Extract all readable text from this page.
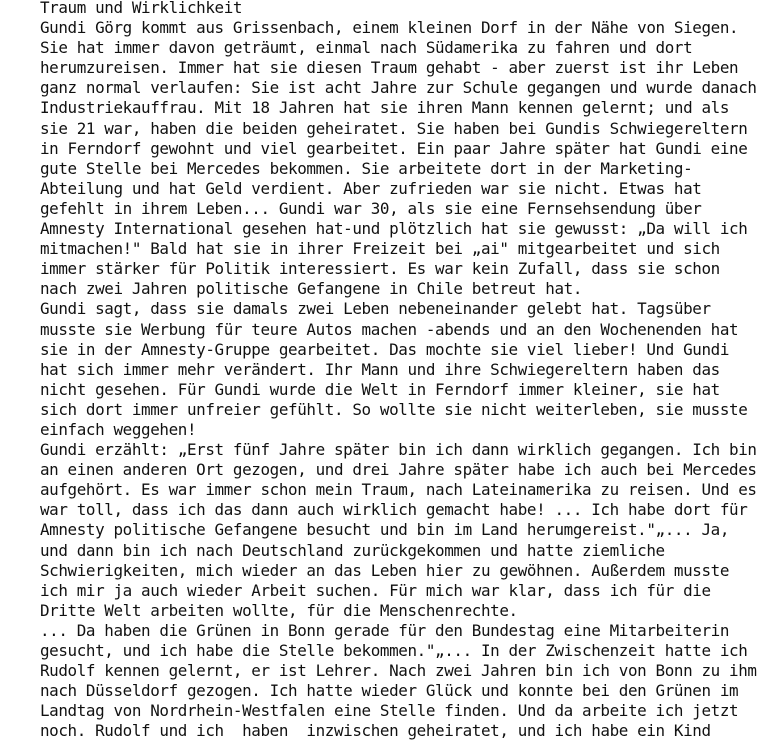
Traum und Wirklichkeit
Gundi Görg kommt aus Grissenbach, einem kleinen Dorf in der Nähe von Siegen.
Sie hat immer davon geträumt, einmal nach Südamerika zu fahren und dort
herumzureisen. Immer hat sie diesen Traum gehabt - aber zuerst ist ihr Leben
ganz normal verlaufen: Sie ist acht Jahre zur Schule gegangen und wurde danach
Industriekauffrau. Mit 18 Jahren hat sie ihren Mann kennen gelernt; und als
sie 21 war, haben die beiden geheiratet. Sie haben bei Gundis Schwiegereltern
in Ferndorf gewohnt und viel gearbeitet. Ein paar Jahre später hat Gundi eine
gute Stelle bei Mercedes bekommen. Sie arbeitete dort in der Marketing-
Abteilung und hat Geld verdient. Aber zufrieden war sie nicht. Etwas hat
gefehlt in ihrem Leben... Gundi war 30, als sie eine Fernsehsendung über
Amnesty International gesehen hat-und plötzlich hat sie gewusst: „Da will ich
mitmachen!" Bald hat sie in ihrer Freizeit bei „ai" mitgearbeitet und sich
immer stärker für Politik interessiert. Es war kein Zufall, dass sie schon
nach zwei Jahren politische Gefangene in Chile betreut hat.
Gundi sagt, dass sie damals zwei Leben nebeneinander gelebt hat. Tagsüber
musste sie Werbung für teure Autos machen -abends und an den Wochenenden hat
sie in der Amnesty-Gruppe gearbeitet. Das mochte sie viel lieber! Und Gundi
hat sich immer mehr verändert. Ihr Mann und ihre Schwiegereltern haben das
nicht gesehen. Für Gundi wurde die Welt in Ferndorf immer kleiner, sie hat
sich dort immer unfreier gefühlt. So wollte sie nicht weiterleben, sie musste
einfach weggehen!
Gundi erzählt: „Erst fünf Jahre später bin ich dann wirklich gegangen. Ich bin
an einen anderen Ort gezogen, und drei Jahre später habe ich auch bei Mercedes
aufgehört. Es war immer schon mein Traum, nach Lateinamerika zu reisen. Und es
war toll, dass ich das dann auch wirklich gemacht habe! ... Ich habe dort für
Amnesty politische Gefangene besucht und bin im Land herumgereist."„... Ja,
und dann bin ich nach Deutschland zurückgekommen und hatte ziemliche
Schwierigkeiten, mich wieder an das Leben hier zu gewöhnen. Außerdem musste
ich mir ja auch wieder Arbeit suchen. Für mich war klar, dass ich für die
Dritte Welt arbeiten wollte, für die Menschenrechte.
... Da haben die Grünen in Bonn gerade für den Bundestag eine Mitarbeiterin
gesucht, und ich habe die Stelle bekommen."„... In der Zwischenzeit hatte ich
Rudolf kennen gelernt, er ist Lehrer. Nach zwei Jahren bin ich von Bonn zu ihm
nach Düsseldorf gezogen. Ich hatte wieder Glück und konnte bei den Grünen im
Landtag von Nordrhein-Westfalen eine Stelle finden. Und da arbeite ich jetzt
noch. Rudolf und ich  haben  inzwischen geheiratet, und ich habe ein Kind
